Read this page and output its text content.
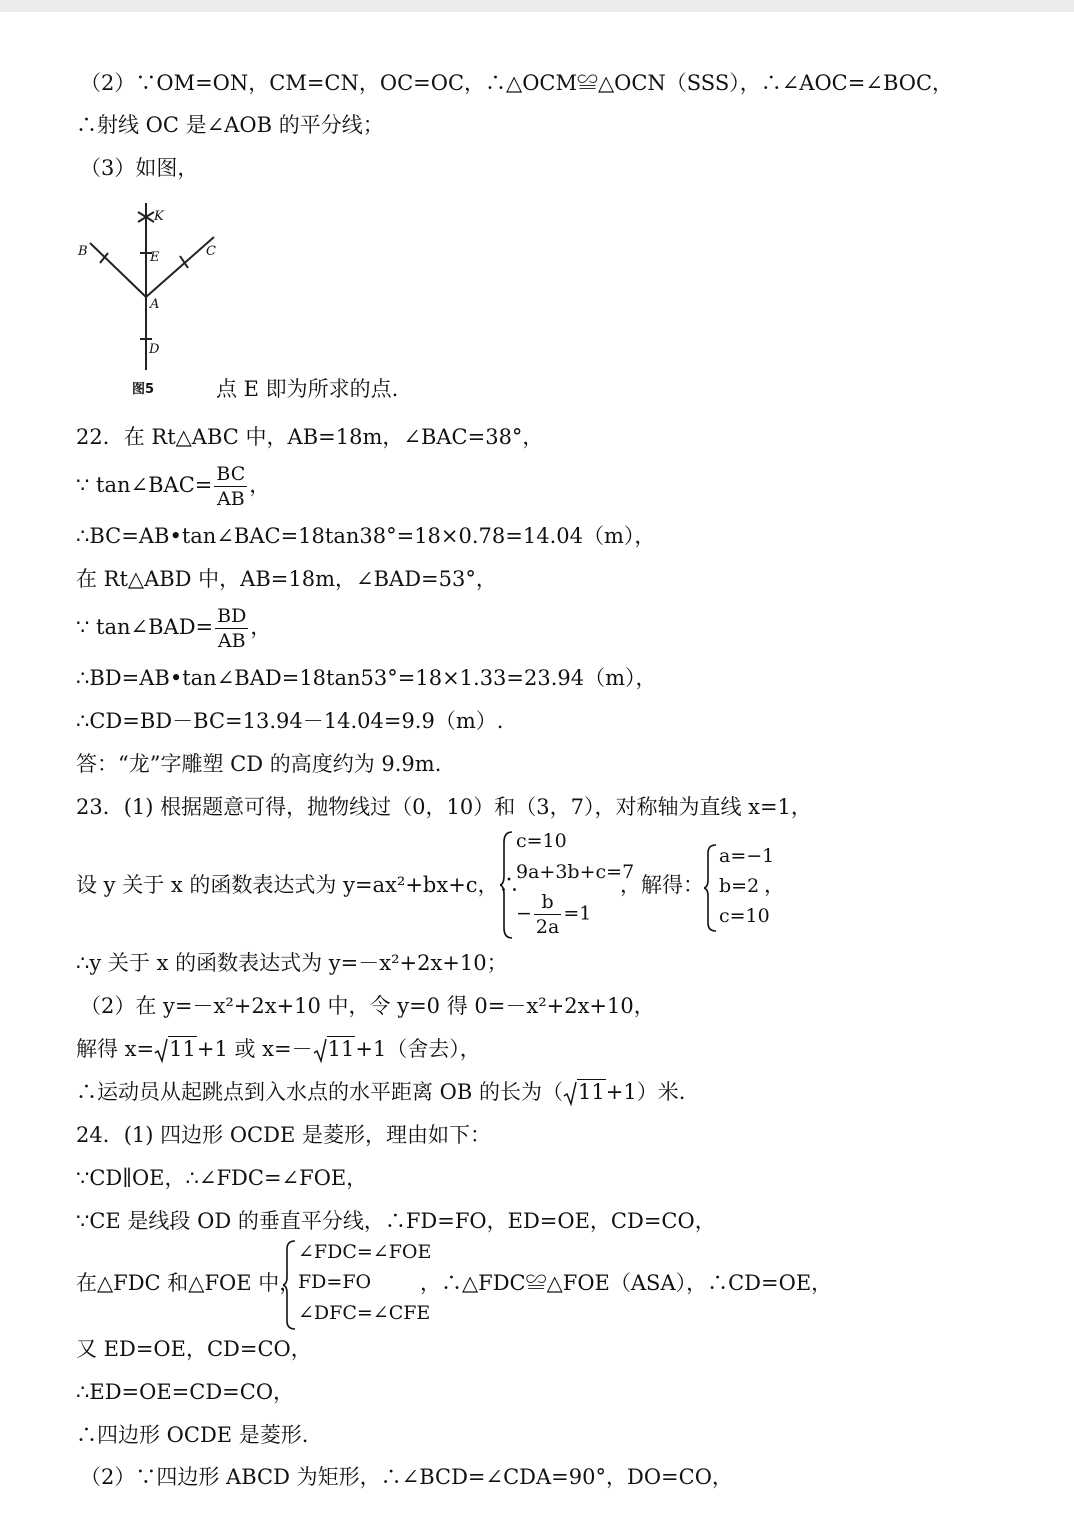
（2）∵OM=ON，CM=CN，OC=OC，∴△OCM≌△OCN（SSS），∴∠AOC=∠BOC，
∴射线 OC 是∠AOB 的平分线；
（3）如图，
K
B	E	C
A
D
图5	点 E 即为所求的点.
22．在 Rt△ABC 中，AB=18m，∠BAC=38°，
∵ tan∠BAC= $\frac{BC}{AB}$ ，
∴BC=AB•tan∠BAC=18tan38°=18×0.78=14.04（m），
在 Rt△ABD 中，AB=18m，∠BAD=53°，
∵ tan∠BAD= $\frac{BD}{AB}$ ，
∴BD=AB•tan∠BAD=18tan53°=18×1.33=23.94（m），
∴CD=BD－BC=13.94－14.04=9.9（m）.
答：“龙”字雕塑 CD 的高度约为 9.9m.
23．(1) 根据题意可得，抛物线过（0，10）和（3，7），对称轴为直线 x=1，
设 y 关于 x 的函数表达式为 y=ax²+bx+c，∴
c=10
9a+3b+c=7
− $\frac{b}{2a} =1$
，解得：
a=−1
b=2
c=10
，
∴y 关于 x 的函数表达式为 y=－x²+2x+10；
（2）在 y=－x²+2x+10 中，令 y=0 得 0=－x²+2x+10，
解得 x= 11+1 或 x=－ 11+1（舍去），
∴运动员从起跳点到入水点的水平距离 OB 的长为（ 11+1）米.
24．(1) 四边形 OCDE 是菱形，理由如下：
∵CD∥OE，∴∠FDC=∠FOE，
∵CE 是线段 OD 的垂直平分线，∴FD=FO，ED=OE，CD=CO，
在△FDC 和△FOE 中，
∠FDC=∠FOE
FD=FO
∠DFC=∠CFE
，∴△FDC≌△FOE（ASA），∴CD=OE，
又 ED=OE，CD=CO，
∴ED=OE=CD=CO，
∴四边形 OCDE 是菱形.
（2）∵四边形 ABCD 为矩形，∴∠BCD=∠CDA=90°，DO=CO，
